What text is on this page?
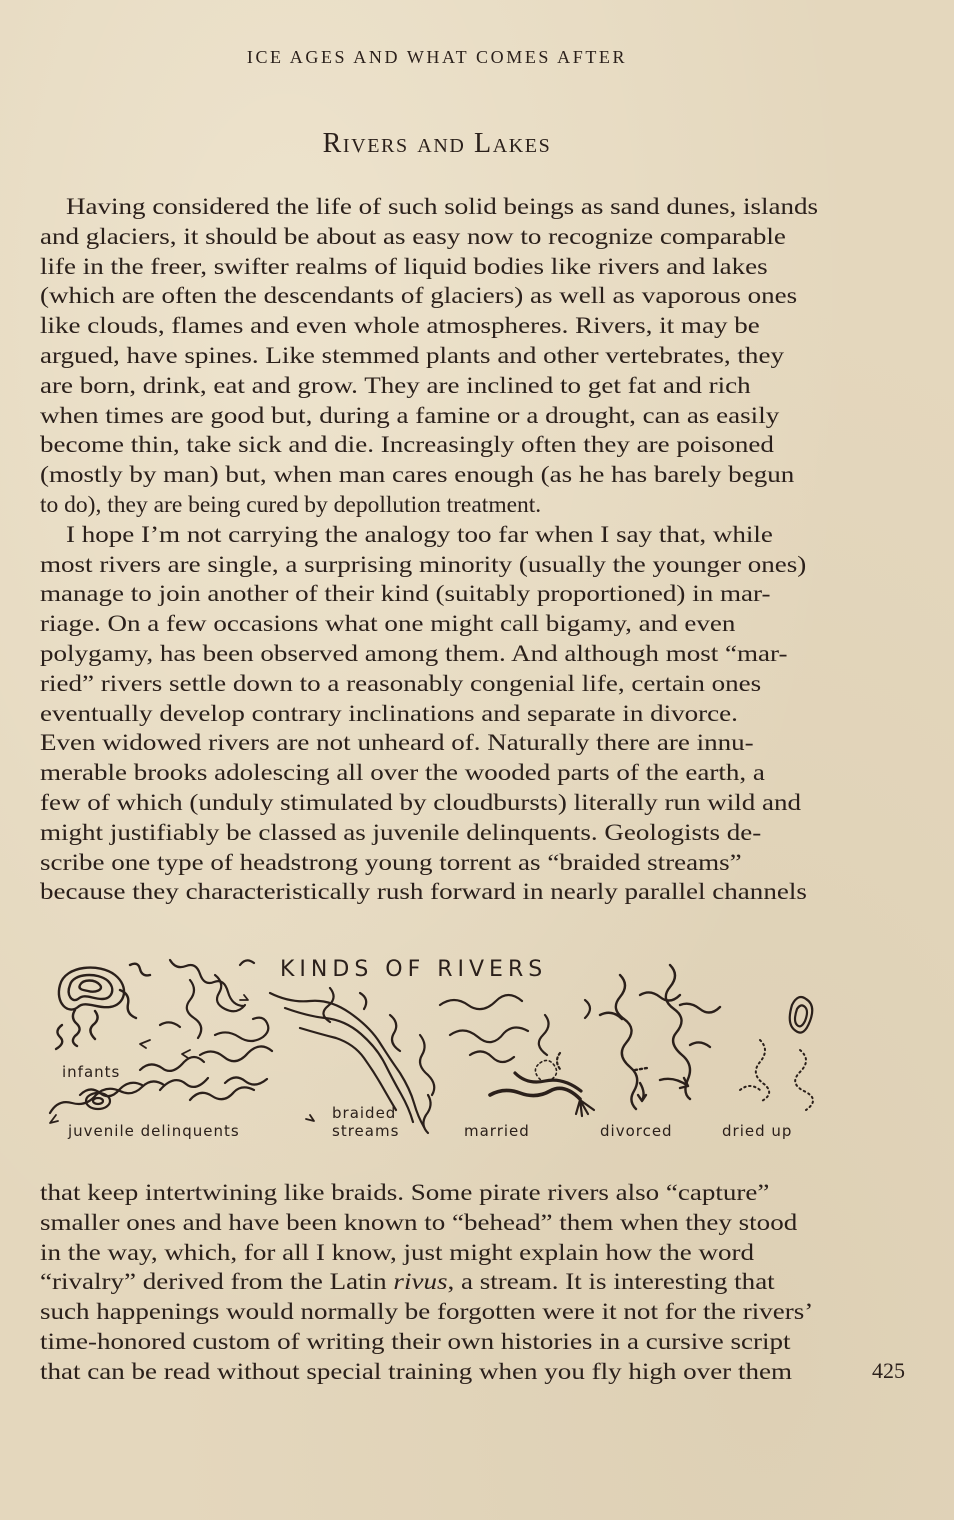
ICE AGES AND WHAT COMES AFTER
Rivers and Lakes
Having considered the life of such solid beings as sand dunes, islands
and glaciers, it should be about as easy now to recognize comparable
life in the freer, swifter realms of liquid bodies like rivers and lakes
(which are often the descendants of glaciers) as well as vaporous ones
like clouds, flames and even whole atmospheres. Rivers, it may be
argued, have spines. Like stemmed plants and other vertebrates, they
are born, drink, eat and grow. They are inclined to get fat and rich
when times are good but, during a famine or a drought, can as easily
become thin, take sick and die. Increasingly often they are poisoned
(mostly by man) but, when man cares enough (as he has barely begun
to do), they are being cured by depollution treatment.
I hope I’m not carrying the analogy too far when I say that, while
most rivers are single, a surprising minority (usually the younger ones)
manage to join another of their kind (suitably proportioned) in mar-
riage. On a few occasions what one might call bigamy, and even
polygamy, has been observed among them. And although most “mar-
ried” rivers settle down to a reasonably congenial life, certain ones
eventually develop contrary inclinations and separate in divorce.
Even widowed rivers are not unheard of. Naturally there are innu-
merable brooks adolescing all over the wooded parts of the earth, a
few of which (unduly stimulated by cloudbursts) literally run wild and
might justifiably be classed as juvenile delinquents. Geologists de-
scribe one type of headstrong young torrent as “braided streams”
because they characteristically rush forward in nearly parallel channels
KINDS OF RIVERS
infants
juvenile delinquents
braided streams	married	divorced	dried up
that keep intertwining like braids. Some pirate rivers also “capture”
smaller ones and have been known to “behead” them when they stood
in the way, which, for all I know, just might explain how the word
“rivalry” derived from the Latin rivus, a stream. It is interesting that
such happenings would normally be forgotten were it not for the rivers’
time-honored custom of writing their own histories in a cursive script
that can be read without special training when you fly high over them	425
